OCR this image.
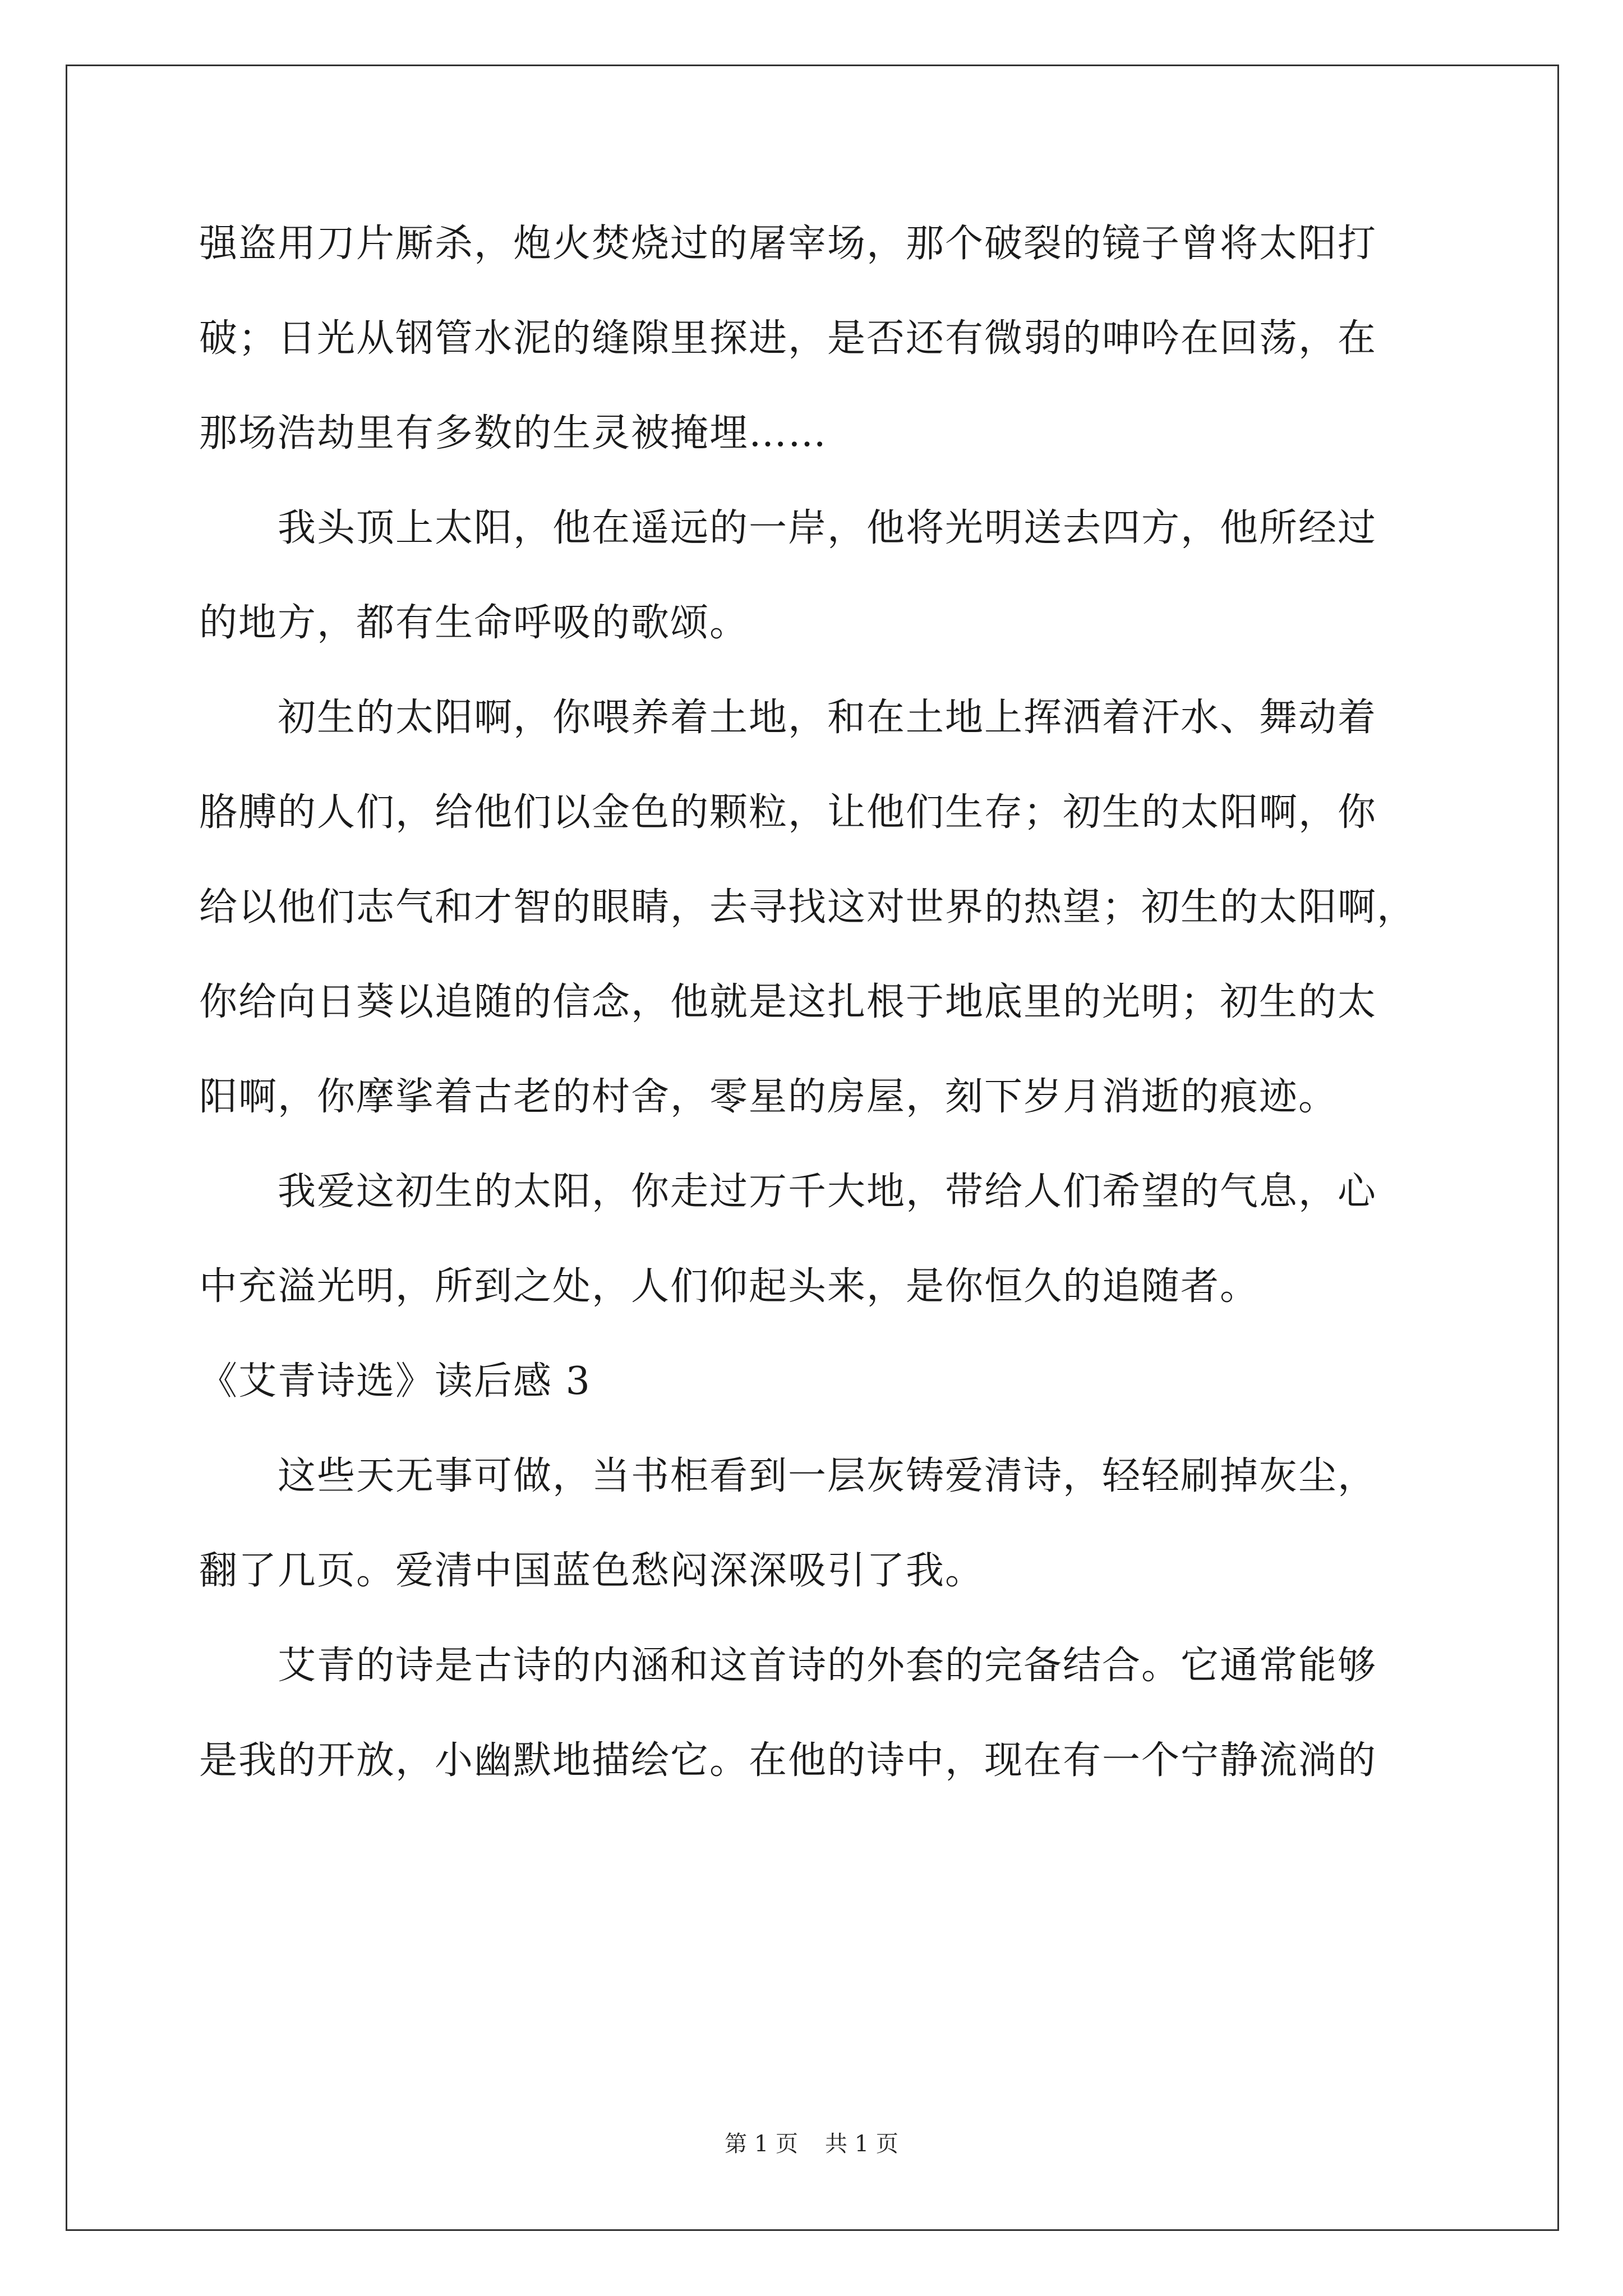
强盗用刀片厮杀，炮火焚烧过的屠宰场，那个破裂的镜子曾将太阳打
破；日光从钢管水泥的缝隙里探进，是否还有微弱的呻吟在回荡，在
那场浩劫里有多数的生灵被掩埋……
我头顶上太阳，他在遥远的一岸，他将光明送去四方，他所经过
的地方，都有生命呼吸的歌颂。
初生的太阳啊，你喂养着土地，和在土地上挥洒着汗水、舞动着
胳膊的人们，给他们以金色的颗粒，让他们生存；初生的太阳啊，你
给以他们志气和才智的眼睛，去寻找这对世界的热望；初生的太阳啊，
你给向日葵以追随的信念，他就是这扎根于地底里的光明；初生的太
阳啊，你摩挲着古老的村舍，零星的房屋，刻下岁月消逝的痕迹。
我爱这初生的太阳，你走过万千大地，带给人们希望的气息，心
中充溢光明，所到之处，人们仰起头来，是你恒久的追随者。
《艾青诗选》读后感 3
这些天无事可做，当书柜看到一层灰铸爱清诗，轻轻刷掉灰尘，
翻了几页。爱清中国蓝色愁闷深深吸引了我。
艾青的诗是古诗的内涵和这首诗的外套的完备结合。它通常能够
是我的开放，小幽默地描绘它。在他的诗中，现在有一个宁静流淌的
第 1 页 共 1 页
